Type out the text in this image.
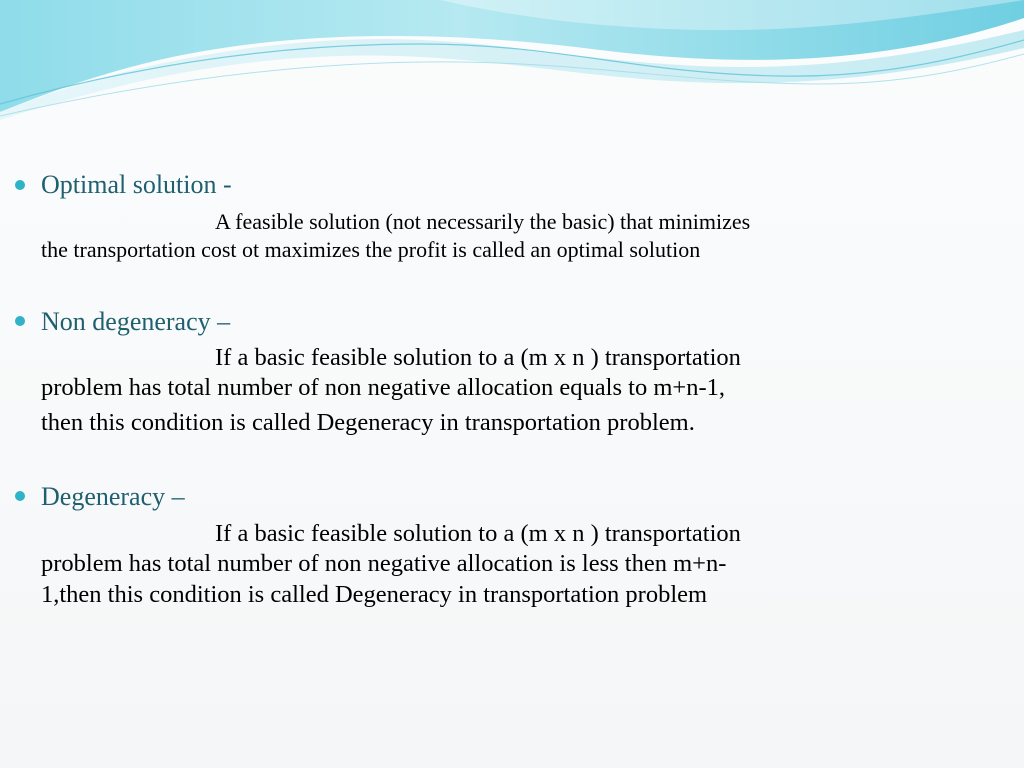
Optimal solution -
A feasible solution (not necessarily the basic) that minimizes
the transportation cost ot maximizes the profit is called an optimal solution
Non degeneracy –
If a basic feasible solution to a (m x n ) transportation
problem has total number of non negative allocation equals to m+n-1,
then this condition is called Degeneracy in transportation problem.
Degeneracy –
If a basic feasible solution to a (m x n ) transportation
problem has total number of non negative allocation is less then m+n-
1,then this condition is called Degeneracy in transportation problem
